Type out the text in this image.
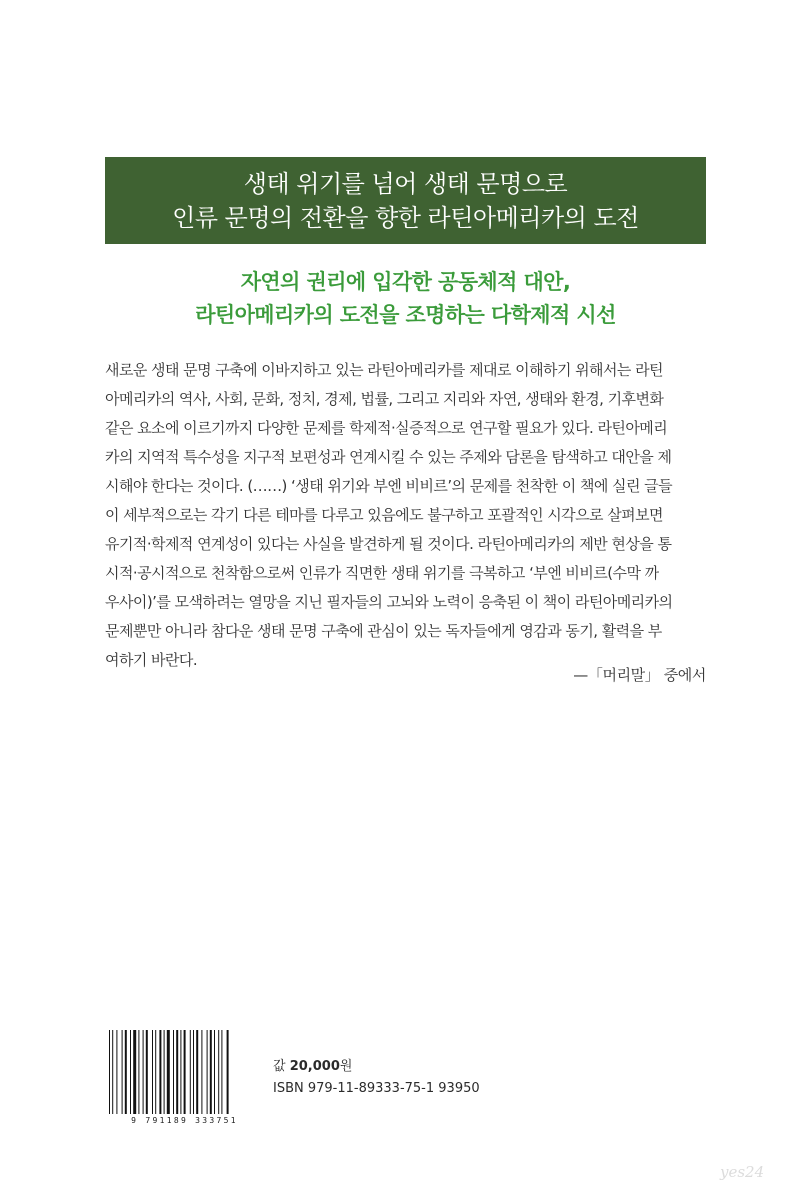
생태 위기를 넘어 생태 문명으로
인류 문명의 전환을 향한 라틴아메리카의 도전
자연의 권리에 입각한 공동체적 대안,
라틴아메리카의 도전을 조명하는 다학제적 시선
새로운 생태 문명 구축에 이바지하고 있는 라틴아메리카를 제대로 이해하기 위해서는 라틴
아메리카의 역사, 사회, 문화, 정치, 경제, 법률, 그리고 지리와 자연, 생태와 환경, 기후변화
같은 요소에 이르기까지 다양한 문제를 학제적·실증적으로 연구할 필요가 있다. 라틴아메리
카의 지역적 특수성을 지구적 보편성과 연계시킬 수 있는 주제와 담론을 탐색하고 대안을 제
시해야 한다는 것이다. (……) ‘생태 위기와 부엔 비비르’의 문제를 천착한 이 책에 실린 글들
이 세부적으로는 각기 다른 테마를 다루고 있음에도 불구하고 포괄적인 시각으로 살펴보면
유기적·학제적 연계성이 있다는 사실을 발견하게 될 것이다. 라틴아메리카의 제반 현상을 통
시적·공시적으로 천착함으로써 인류가 직면한 생태 위기를 극복하고 ‘부엔 비비르(수막 까
우사이)’를 모색하려는 열망을 지닌 필자들의 고뇌와 노력이 응축된 이 책이 라틴아메리카의
문제뿐만 아니라 참다운 생태 문명 구축에 관심이 있는 독자들에게 영감과 동기, 활력을 부
여하기 바란다.
—「머리말」 중에서
9 791189 333751
값 20,000원
ISBN 979-11-89333-75-1 93950
yes24
